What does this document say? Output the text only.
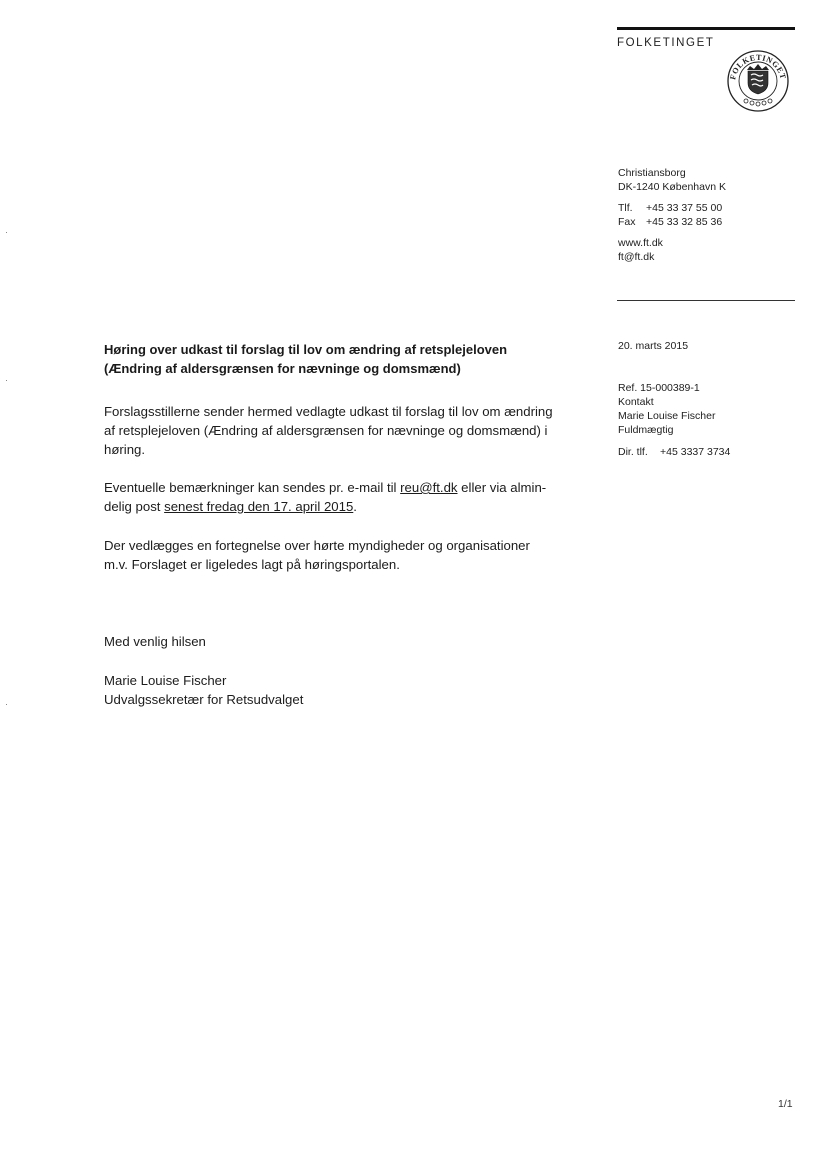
FOLKETINGET
FOLKETINGET
Christiansborg
DK-1240 København K
Tlf. +45 33 37 55 00
Fax +45 33 32 85 36
www.ft.dk
ft@ft.dk
20. marts 2015
Ref. 15-000389-1
Kontakt
Marie Louise Fischer
Fuldmægtig
Dir. tlf. +45 3337 3734
Høring over udkast til forslag til lov om ændring af retsplejeloven
(Ændring af aldersgrænsen for nævninge og domsmænd)
Forslagsstillerne sender hermed vedlagte udkast til forslag til lov om ændring
af retsplejeloven (Ændring af aldersgrænsen for nævninge og domsmænd) i
høring.
Eventuelle bemærkninger kan sendes pr. e-mail til reu@ft.dk eller via almin-
delig post senest fredag den 17. april 2015.
Der vedlægges en fortegnelse over hørte myndigheder og organisationer
m.v. Forslaget er ligeledes lagt på høringsportalen.
Med venlig hilsen
Marie Louise Fischer
Udvalgssekretær for Retsudvalget
1/1
